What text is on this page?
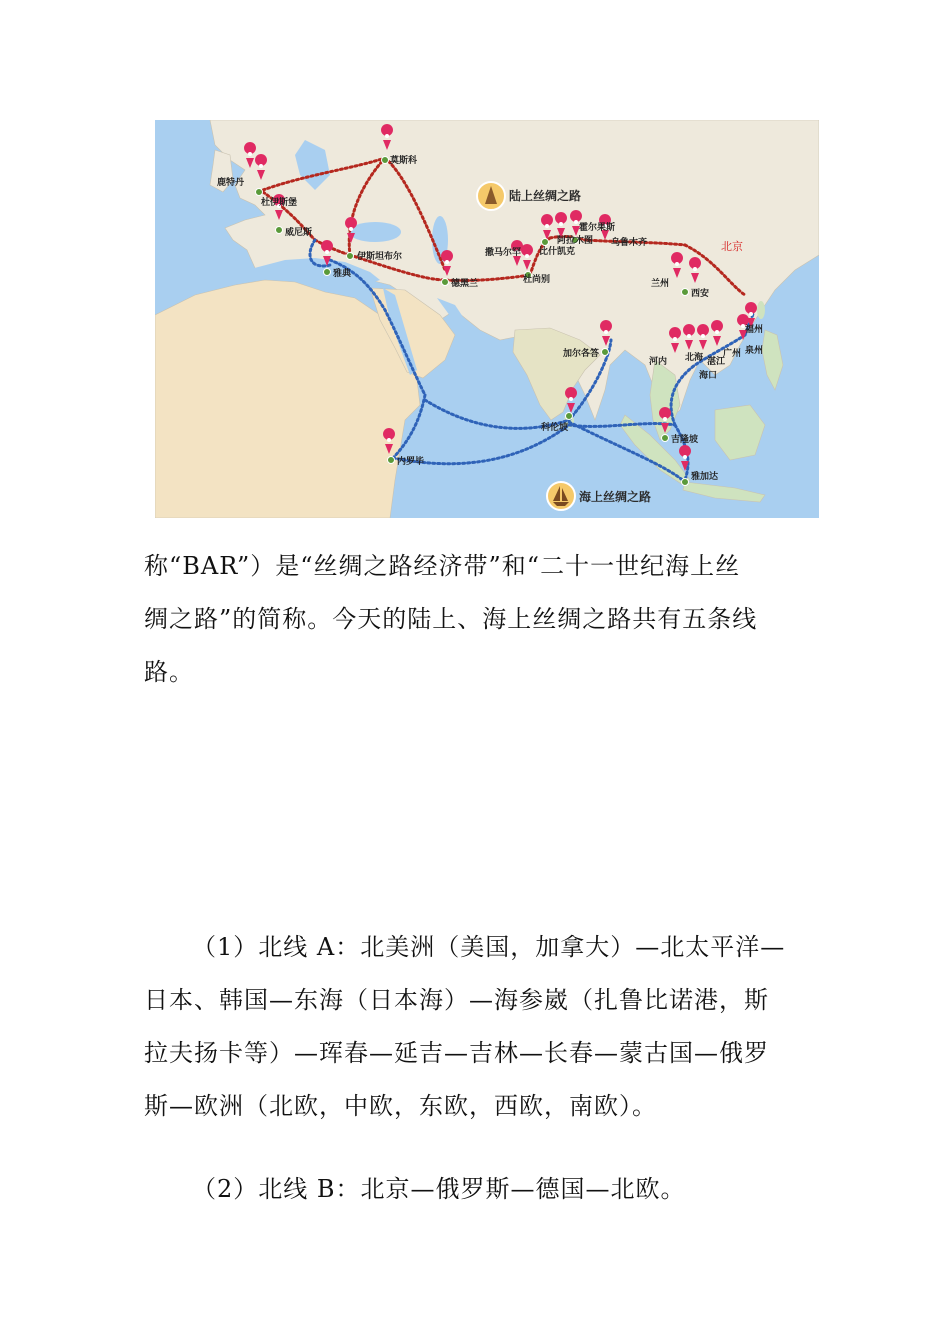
鹿特丹
杜伊斯堡
莫斯科
威尼斯
伊斯坦布尔
雅典
德黑兰
撒马尔罕 比什凯克
杜尚别
阿拉木图
霍尔果斯
乌鲁木齐
兰州
西安
北京
福州
泉州
广州
湛江
海口
北海
河内
吉隆坡
雅加达
加尔各答
科伦坡
内罗毕
陆上丝绸之路
海上丝绸之路

称“BAR”）是“丝绸之路经济带”和“二十一世纪海上丝
绸之路”的简称。今天的陆上、海上丝绸之路共有五条线
路。

（1）北线 A：北美洲（美国，加拿大）—北太平洋—
日本、韩国—东海（日本海）—海参崴（扎鲁比诺港，斯
拉夫扬卡等）—珲春—延吉—吉林—长春—蒙古国—俄罗
斯—欧洲（北欧，中欧，东欧，西欧，南欧）。

（2）北线 B：北京—俄罗斯—德国—北欧。
